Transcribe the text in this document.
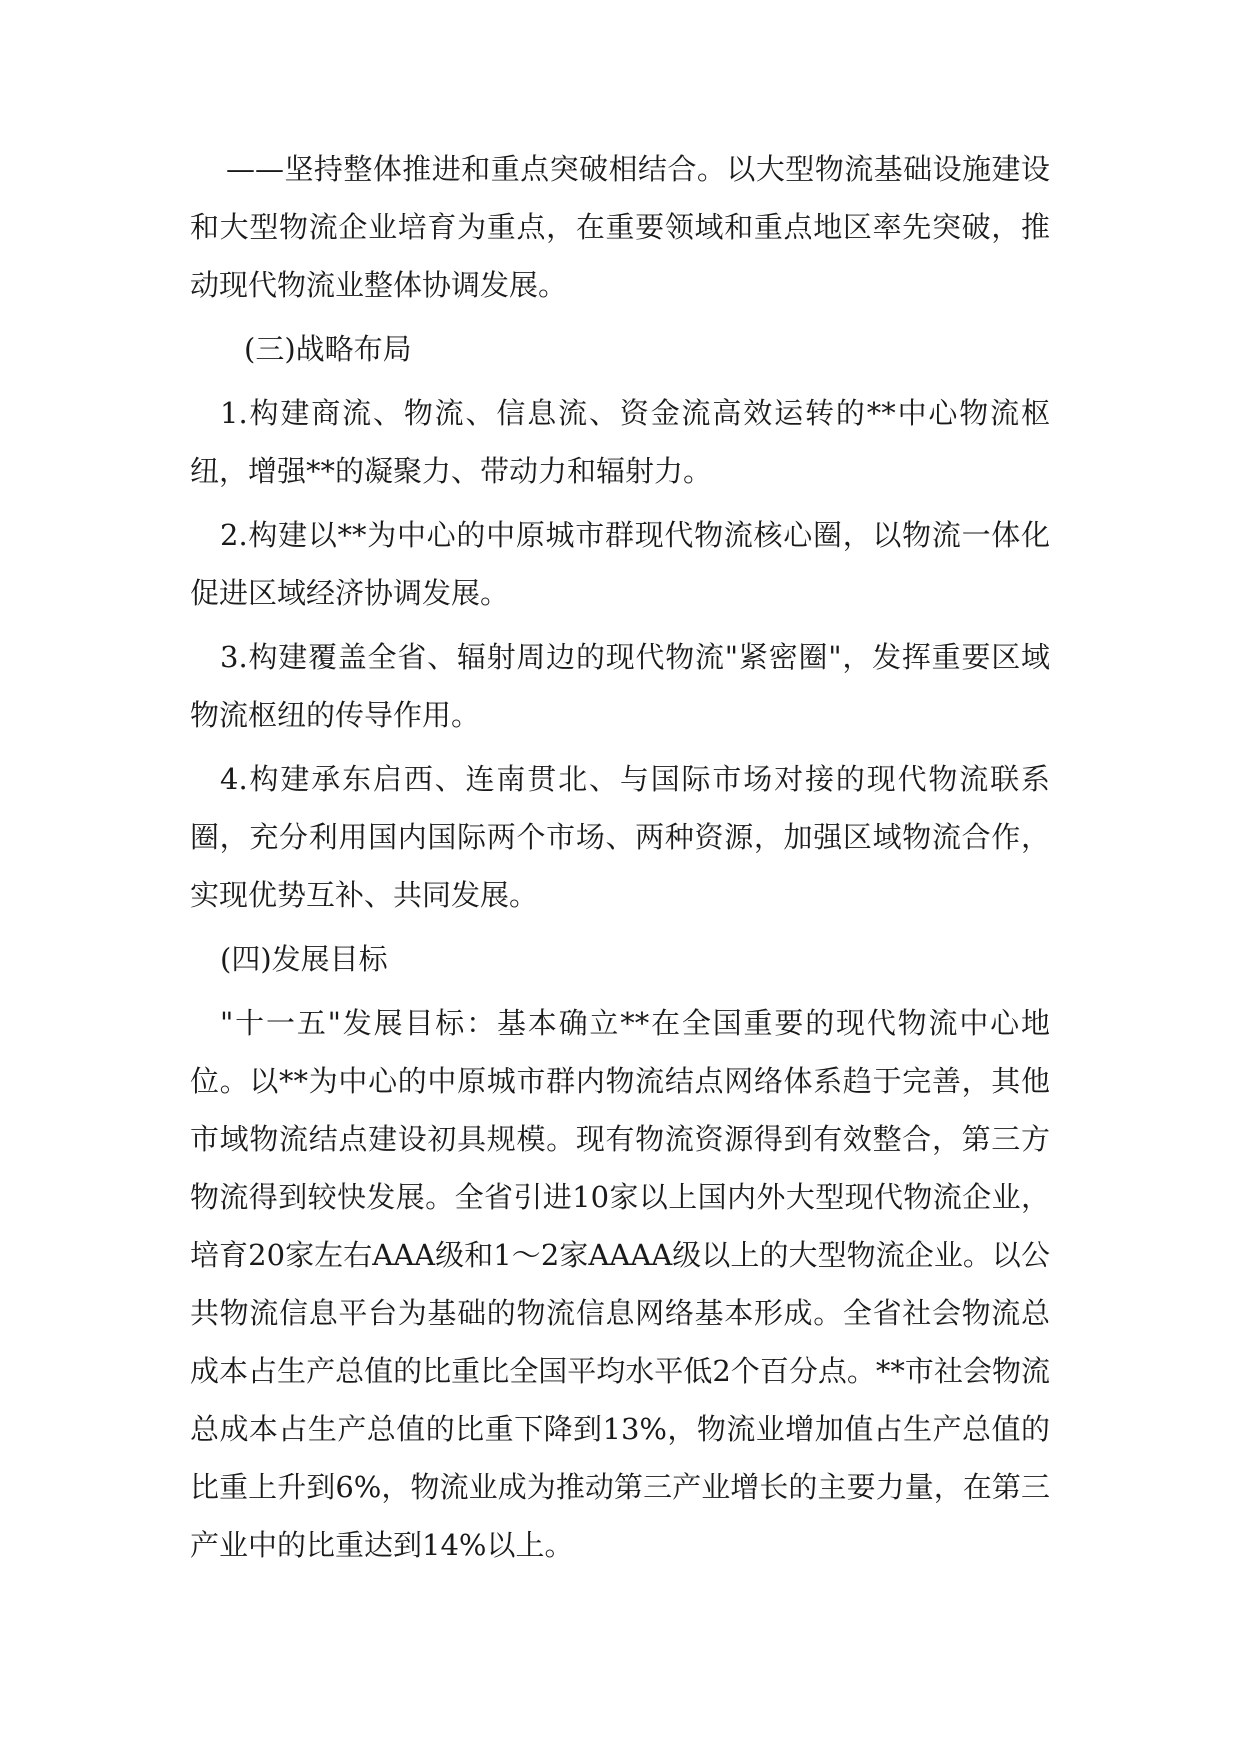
——坚持整体推进和重点突破相结合。以大型物流基础设施建设和大型物流企业培育为重点，在重要领域和重点地区率先突破，推动现代物流业整体协调发展。

(三)战略布局

1.构建商流、物流、信息流、资金流高效运转的**中心物流枢纽，增强**的凝聚力、带动力和辐射力。

2.构建以**为中心的中原城市群现代物流核心圈，以物流一体化促进区域经济协调发展。

3.构建覆盖全省、辐射周边的现代物流"紧密圈"，发挥重要区域物流枢纽的传导作用。

4.构建承东启西、连南贯北、与国际市场对接的现代物流联系圈，充分利用国内国际两个市场、两种资源，加强区域物流合作，实现优势互补、共同发展。

(四)发展目标

"十一五"发展目标：基本确立**在全国重要的现代物流中心地位。以**为中心的中原城市群内物流结点网络体系趋于完善，其他市域物流结点建设初具规模。现有物流资源得到有效整合，第三方物流得到较快发展。全省引进10家以上国内外大型现代物流企业，培育20家左右AAA级和1～2家AAAA级以上的大型物流企业。以公共物流信息平台为基础的物流信息网络基本形成。全省社会物流总成本占生产总值的比重比全国平均水平低2个百分点。**市社会物流总成本占生产总值的比重下降到13%，物流业增加值占生产总值的比重上升到6%，物流业成为推动第三产业增长的主要力量，在第三产业中的比重达到14%以上。
